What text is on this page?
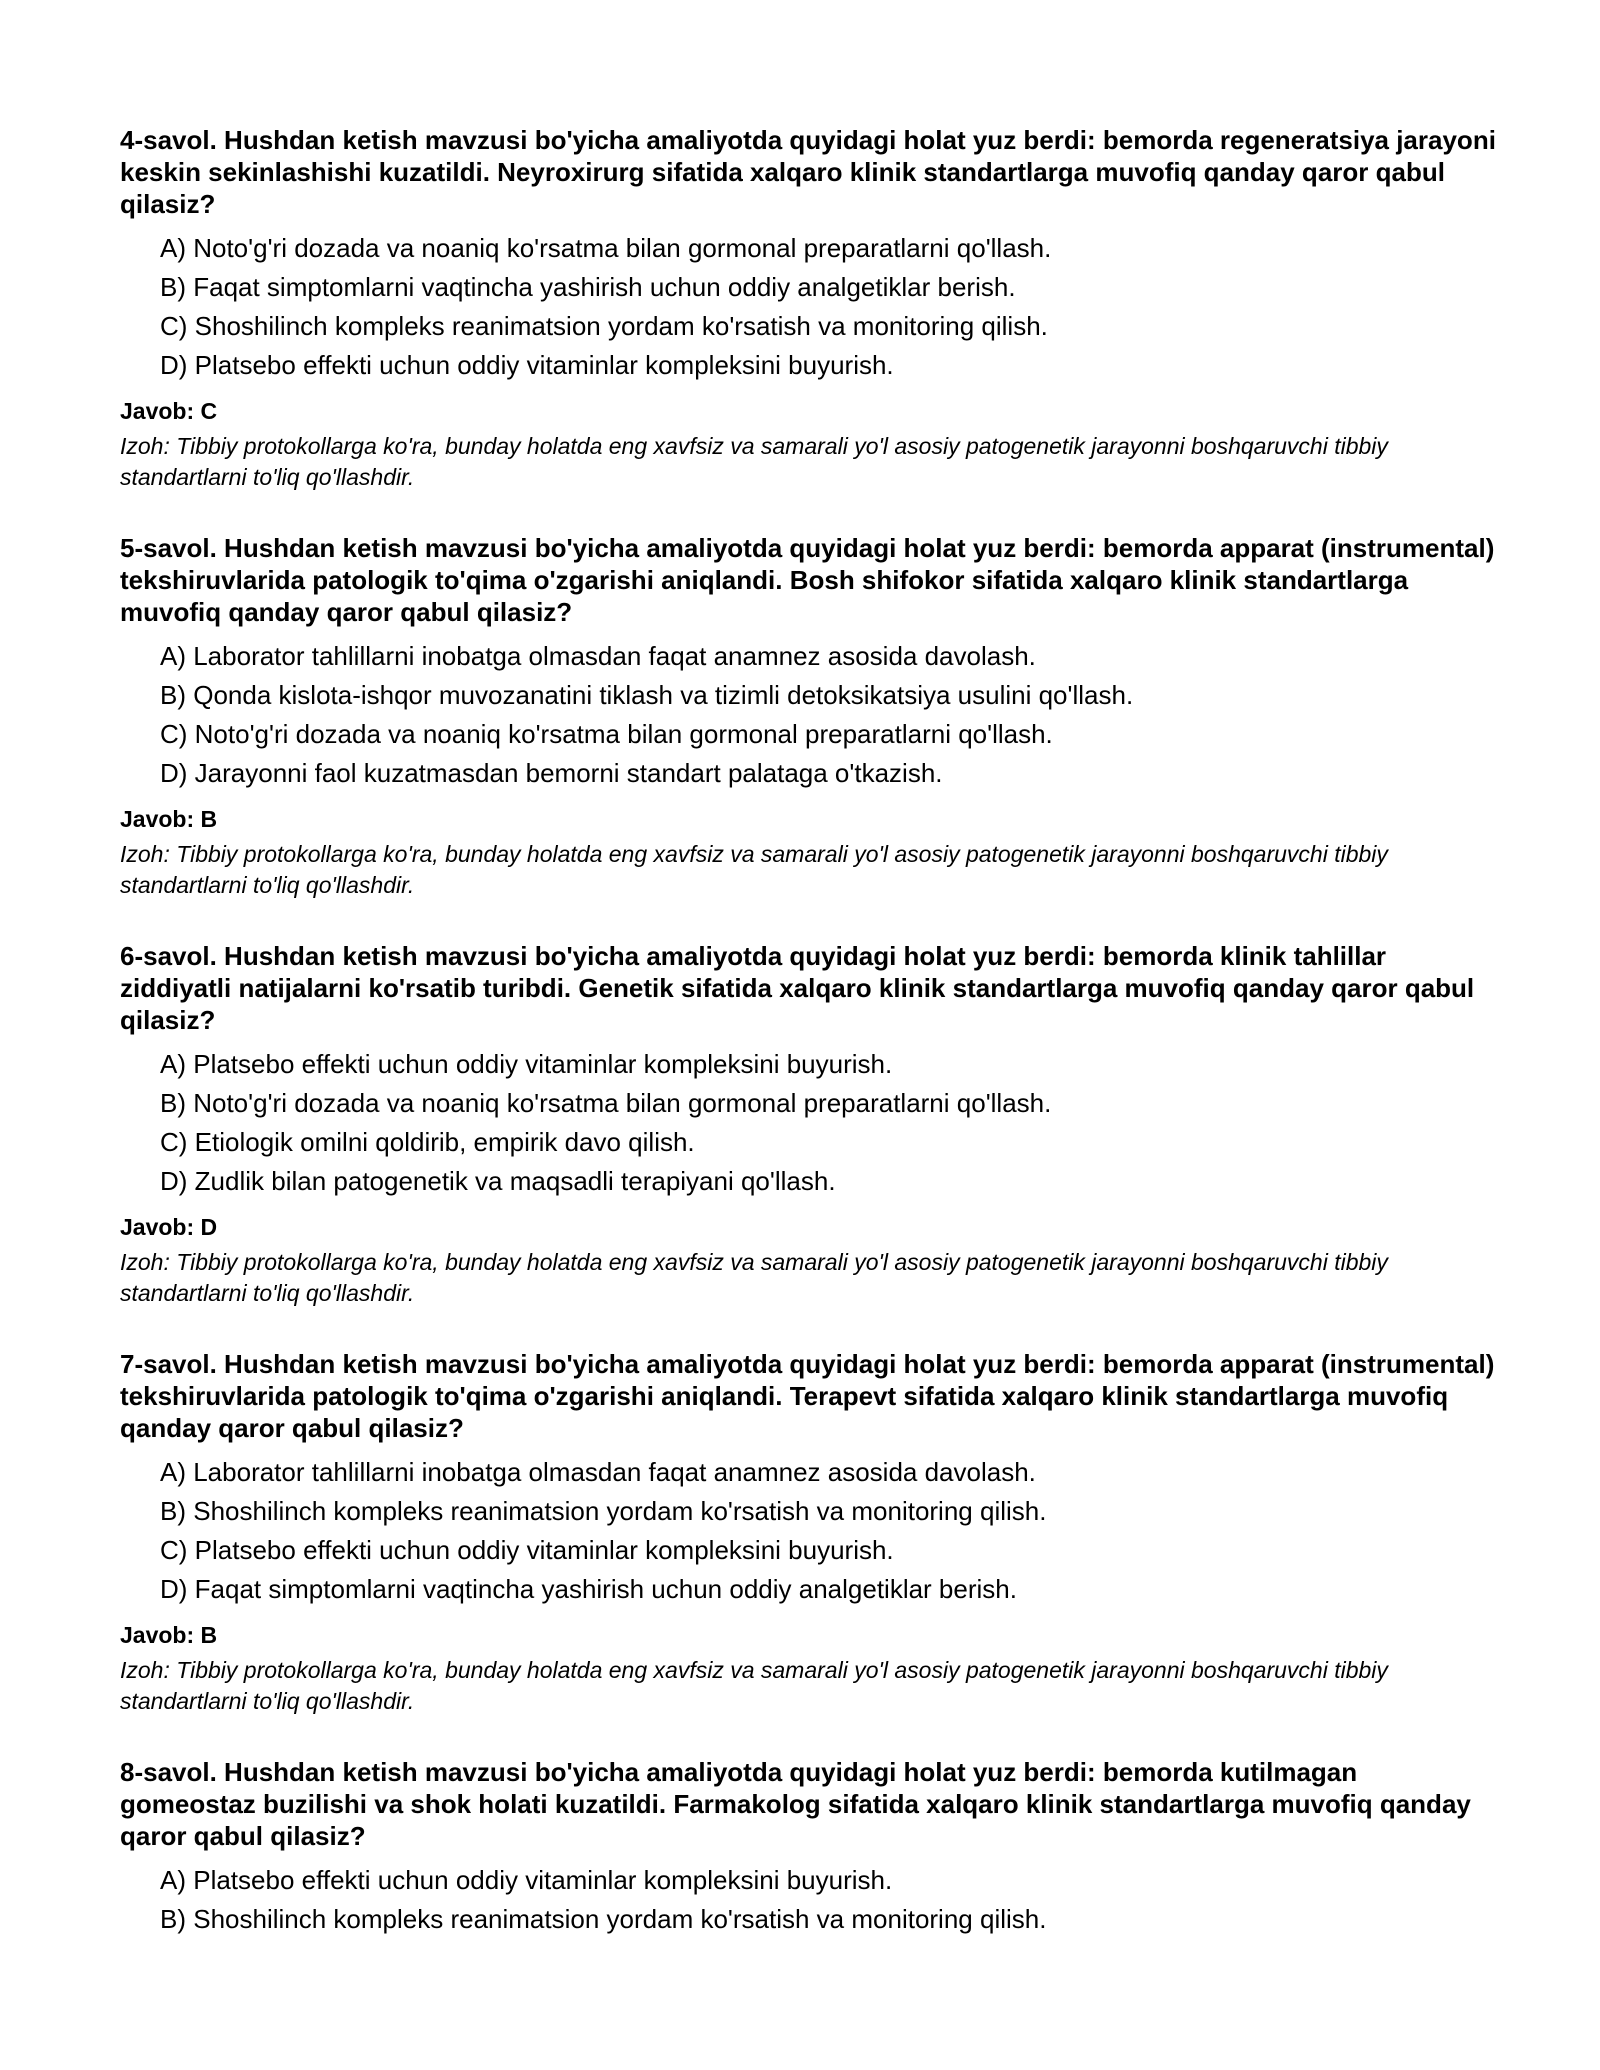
4-savol. Hushdan ketish mavzusi bo'yicha amaliyotda quyidagi holat yuz berdi: bemorda regeneratsiya jarayoni keskin sekinlashishi kuzatildi. Neyroxirurg sifatida xalqaro klinik standartlarga muvofiq qanday qaror qabul qilasiz?

A) Noto'g'ri dozada va noaniq ko'rsatma bilan gormonal preparatlarni qo'llash.
B) Faqat simptomlarni vaqtincha yashirish uchun oddiy analgetiklar berish.
C) Shoshilinch kompleks reanimatsion yordam ko'rsatish va monitoring qilish.
D) Platsebo effekti uchun oddiy vitaminlar kompleksini buyurish.

Javob: C

Izoh: Tibbiy protokollarga ko'ra, bunday holatda eng xavfsiz va samarali yo'l asosiy patogenetik jarayonni boshqaruvchi tibbiy standartlarni to'liq qo'llashdir.

5-savol. Hushdan ketish mavzusi bo'yicha amaliyotda quyidagi holat yuz berdi: bemorda apparat (instrumental) tekshiruvlarida patologik to'qima o'zgarishi aniqlandi. Bosh shifokor sifatida xalqaro klinik standartlarga muvofiq qanday qaror qabul qilasiz?

A) Laborator tahlillarni inobatga olmasdan faqat anamnez asosida davolash.
B) Qonda kislota-ishqor muvozanatini tiklash va tizimli detoksikatsiya usulini qo'llash.
C) Noto'g'ri dozada va noaniq ko'rsatma bilan gormonal preparatlarni qo'llash.
D) Jarayonni faol kuzatmasdan bemorni standart palataga o'tkazish.

Javob: B

Izoh: Tibbiy protokollarga ko'ra, bunday holatda eng xavfsiz va samarali yo'l asosiy patogenetik jarayonni boshqaruvchi tibbiy standartlarni to'liq qo'llashdir.

6-savol. Hushdan ketish mavzusi bo'yicha amaliyotda quyidagi holat yuz berdi: bemorda klinik tahlillar ziddiyatli natijalarni ko'rsatib turibdi. Genetik sifatida xalqaro klinik standartlarga muvofiq qanday qaror qabul qilasiz?

A) Platsebo effekti uchun oddiy vitaminlar kompleksini buyurish.
B) Noto'g'ri dozada va noaniq ko'rsatma bilan gormonal preparatlarni qo'llash.
C) Etiologik omilni qoldirib, empirik davo qilish.
D) Zudlik bilan patogenetik va maqsadli terapiyani qo'llash.

Javob: D

Izoh: Tibbiy protokollarga ko'ra, bunday holatda eng xavfsiz va samarali yo'l asosiy patogenetik jarayonni boshqaruvchi tibbiy standartlarni to'liq qo'llashdir.

7-savol. Hushdan ketish mavzusi bo'yicha amaliyotda quyidagi holat yuz berdi: bemorda apparat (instrumental) tekshiruvlarida patologik to'qima o'zgarishi aniqlandi. Terapevt sifatida xalqaro klinik standartlarga muvofiq qanday qaror qabul qilasiz?

A) Laborator tahlillarni inobatga olmasdan faqat anamnez asosida davolash.
B) Shoshilinch kompleks reanimatsion yordam ko'rsatish va monitoring qilish.
C) Platsebo effekti uchun oddiy vitaminlar kompleksini buyurish.
D) Faqat simptomlarni vaqtincha yashirish uchun oddiy analgetiklar berish.

Javob: B

Izoh: Tibbiy protokollarga ko'ra, bunday holatda eng xavfsiz va samarali yo'l asosiy patogenetik jarayonni boshqaruvchi tibbiy standartlarni to'liq qo'llashdir.

8-savol. Hushdan ketish mavzusi bo'yicha amaliyotda quyidagi holat yuz berdi: bemorda kutilmagan gomeostaz buzilishi va shok holati kuzatildi. Farmakolog sifatida xalqaro klinik standartlarga muvofiq qanday qaror qabul qilasiz?

A) Platsebo effekti uchun oddiy vitaminlar kompleksini buyurish.
B) Shoshilinch kompleks reanimatsion yordam ko'rsatish va monitoring qilish.
